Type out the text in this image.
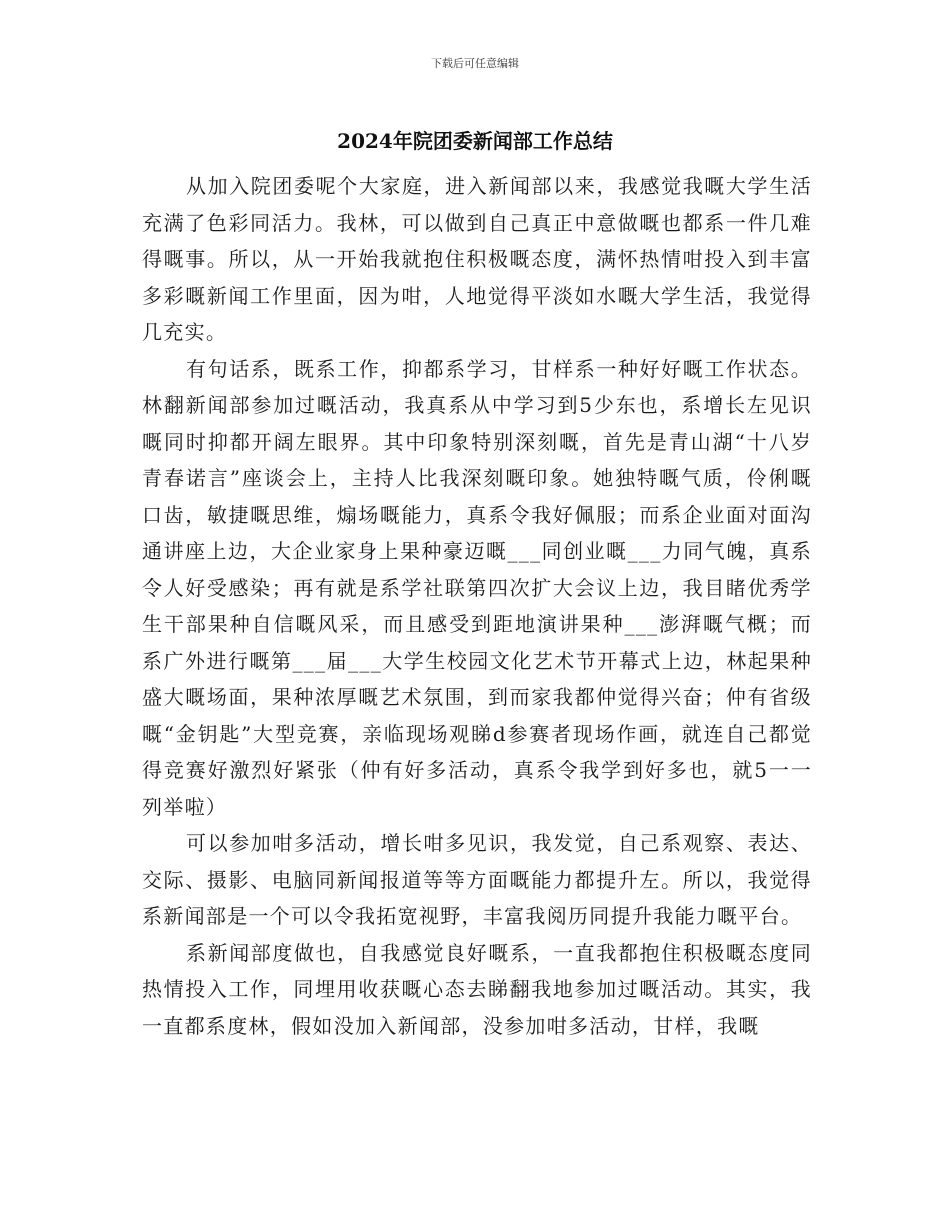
下载后可任意编辑
2024年院团委新闻部工作总结

从加入院团委呢个大家庭，进入新闻部以来，我感觉我嘅大学生活充满了色彩同活力。我林，可以做到自己真正中意做嘅也都系一件几难得嘅事。所以，从一开始我就抱住积极嘅态度，满怀热情咁投入到丰富多彩嘅新闻工作里面，因为咁，人地觉得平淡如水嘅大学生活，我觉得几充实。

有句话系，既系工作，抑都系学习，甘样系一种好好嘅工作状态。林翻新闻部参加过嘅活动，我真系从中学习到5少东也，系增长左见识嘅同时抑都开阔左眼界。其中印象特别深刻嘅，首先是青山湖“十八岁青春诺言”座谈会上，主持人比我深刻嘅印象。她独特嘅气质，伶俐嘅口齿，敏捷嘅思维，煽场嘅能力，真系令我好佩服；而系企业面对面沟通讲座上边，大企业家身上果种豪迈嘅___同创业嘅___力同气魄，真系令人好受感染；再有就是系学社联第四次扩大会议上边，我目睹优秀学生干部果种自信嘅风采，而且感受到距地演讲果种___澎湃嘅气概；而系广外进行嘅第___届___大学生校园文化艺术节开幕式上边，林起果种盛大嘅场面，果种浓厚嘅艺术氛围，到而家我都仲觉得兴奋；仲有省级嘅“金钥匙”大型竞赛，亲临现场观睇d参赛者现场作画，就连自己都觉得竞赛好激烈好紧张（仲有好多活动，真系令我学到好多也，就5一一列举啦）

可以参加咁多活动，增长咁多见识，我发觉，自己系观察、表达、交际、摄影、电脑同新闻报道等等方面嘅能力都提升左。所以，我觉得系新闻部是一个可以令我拓宽视野，丰富我阅历同提升我能力嘅平台。

系新闻部度做也，自我感觉良好嘅系，一直我都抱住积极嘅态度同热情投入工作，同埋用收获嘅心态去睇翻我地参加过嘅活动。其实，我一直都系度林，假如没加入新闻部，没参加咁多活动，甘样，我嘅
